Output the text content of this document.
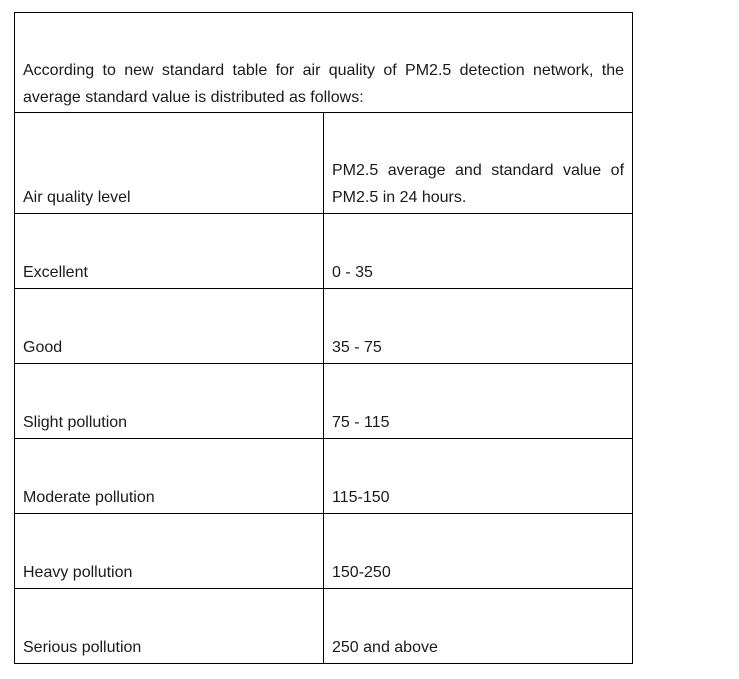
According to new standard table for air quality of PM2.5 detection network, the average standard value is distributed as follows:	
Air quality level	PM2.5 average and standard value of PM2.5 in 24 hours.
Excellent	0 - 35
Good	35 - 75
Slight pollution	75 - 115
Moderate pollution	115-150
Heavy pollution	150-250
Serious pollution	250 and above
